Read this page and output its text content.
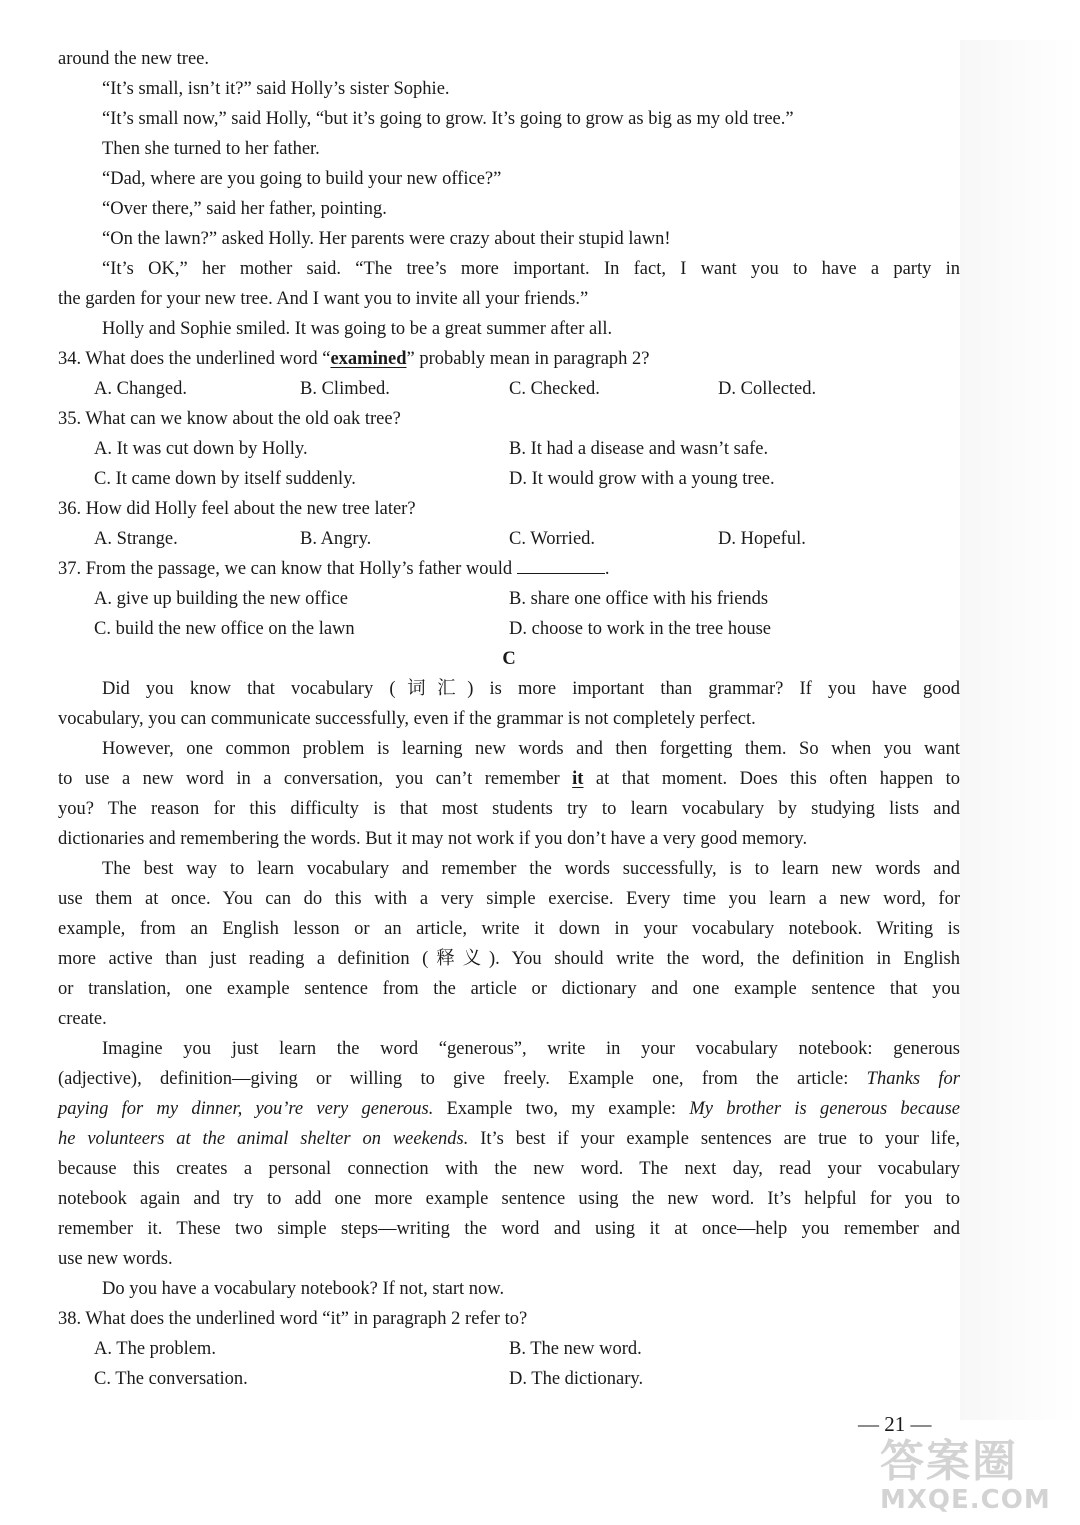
around the new tree.
“It’s small, isn’t it?” said Holly’s sister Sophie.
“It’s small now,” said Holly, “but it’s going to grow. It’s going to grow as big as my old tree.”
Then she turned to her father.
“Dad, where are you going to build your new office?”
“Over there,” said her father, pointing.
“On the lawn?” asked Holly. Her parents were crazy about their stupid lawn!
“It’s OK,” her mother said. “The tree’s more important. In fact, I want you to have a party in
the garden for your new tree. And I want you to invite all your friends.”
Holly and Sophie smiled. It was going to be a great summer after all.
34. What does the underlined word “examined” probably mean in paragraph 2?
A. Changed.	B. Climbed.	C. Checked.	D. Collected.
35. What can we know about the old oak tree?
A. It was cut down by Holly.	B. It had a disease and wasn’t safe.
C. It came down by itself suddenly.	D. It would grow with a young tree.
36. How did Holly feel about the new tree later?
A. Strange.	B. Angry.	C. Worried.	D. Hopeful.
37. From the passage, we can know that Holly’s father would	.
A. give up building the new office	B. share one office with his friends
C. build the new office on the lawn	D. choose to work in the tree house
C
Did you know that vocabulary (词汇) is more important than grammar? If you have good
vocabulary, you can communicate successfully, even if the grammar is not completely perfect.
However, one common problem is learning new words and then forgetting them. So when you want
to use a new word in a conversation, you can’t remember it at that moment. Does this often happen to
you? The reason for this difficulty is that most students try to learn vocabulary by studying lists and
dictionaries and remembering the words. But it may not work if you don’t have a very good memory.
The best way to learn vocabulary and remember the words successfully, is to learn new words and
use them at once. You can do this with a very simple exercise. Every time you learn a new word, for
example, from an English lesson or an article, write it down in your vocabulary notebook. Writing is
more active than just reading a definition (释义). You should write the word, the definition in English
or translation, one example sentence from the article or dictionary and one example sentence that you
create.
Imagine you just learn the word “generous”, write in your vocabulary notebook: generous
(adjective), definition—giving or willing to give freely. Example one, from the article: Thanks for
paying for my dinner, you’re very generous. Example two, my example: My brother is generous because
he volunteers at the animal shelter on weekends. It’s best if your example sentences are true to your life,
because this creates a personal connection with the new word. The next day, read your vocabulary
notebook again and try to add one more example sentence using the new word. It’s helpful for you to
remember it. These two simple steps—writing the word and using it at once—help you remember and
use new words.
Do you have a vocabulary notebook? If not, start now.
38. What does the underlined word “it” in paragraph 2 refer to?
A. The problem.	B. The new word.
C. The conversation.	D. The dictionary.
— 21 —
答案圈
MXQE.COM
